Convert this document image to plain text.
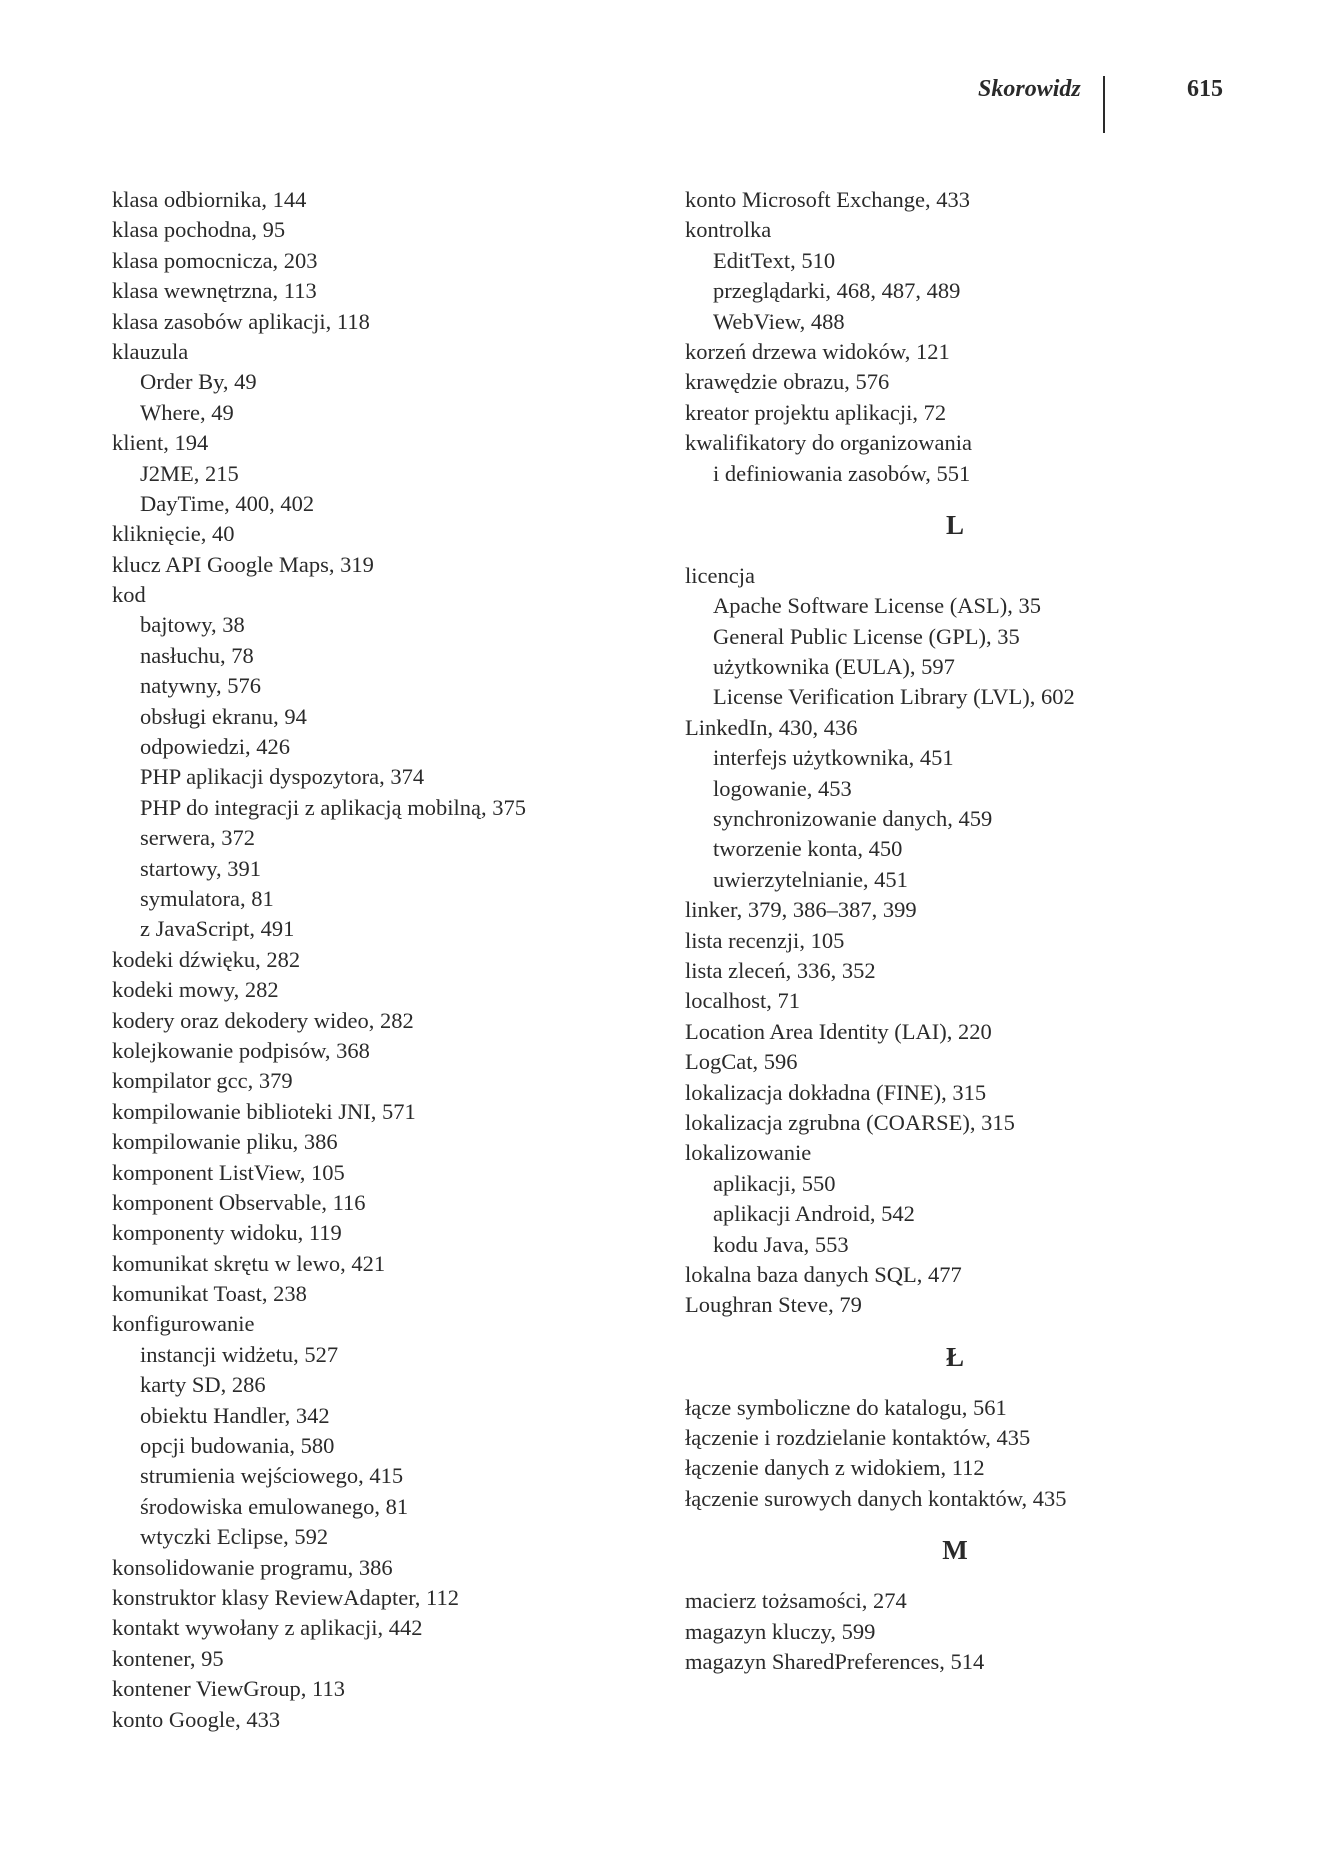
Skorowidz	615
klasa odbiornika, 144
klasa pochodna, 95
klasa pomocnicza, 203
klasa wewnętrzna, 113
klasa zasobów aplikacji, 118
klauzula
Order By, 49
Where, 49
klient, 194
J2ME, 215
DayTime, 400, 402
kliknięcie, 40
klucz API Google Maps, 319
kod
bajtowy, 38
nasłuchu, 78
natywny, 576
obsługi ekranu, 94
odpowiedzi, 426
PHP aplikacji dyspozytora, 374
PHP do integracji z aplikacją mobilną, 375
serwera, 372
startowy, 391
symulatora, 81
z JavaScript, 491
kodeki dźwięku, 282
kodeki mowy, 282
kodery oraz dekodery wideo, 282
kolejkowanie podpisów, 368
kompilator gcc, 379
kompilowanie biblioteki JNI, 571
kompilowanie pliku, 386
komponent ListView, 105
komponent Observable, 116
komponenty widoku, 119
komunikat skrętu w lewo, 421
komunikat Toast, 238
konfigurowanie
instancji widżetu, 527
karty SD, 286
obiektu Handler, 342
opcji budowania, 580
strumienia wejściowego, 415
środowiska emulowanego, 81
wtyczki Eclipse, 592
konsolidowanie programu, 386
konstruktor klasy ReviewAdapter, 112
kontakt wywołany z aplikacji, 442
kontener, 95
kontener ViewGroup, 113
konto Google, 433
konto Microsoft Exchange, 433
kontrolka
EditText, 510
przeglądarki, 468, 487, 489
WebView, 488
korzeń drzewa widoków, 121
krawędzie obrazu, 576
kreator projektu aplikacji, 72
kwalifikatory do organizowania
i definiowania zasobów, 551
L
licencja
Apache Software License (ASL), 35
General Public License (GPL), 35
użytkownika (EULA), 597
License Verification Library (LVL), 602
LinkedIn, 430, 436
interfejs użytkownika, 451
logowanie, 453
synchronizowanie danych, 459
tworzenie konta, 450
uwierzytelnianie, 451
linker, 379, 386–387, 399
lista recenzji, 105
lista zleceń, 336, 352
localhost, 71
Location Area Identity (LAI), 220
LogCat, 596
lokalizacja dokładna (FINE), 315
lokalizacja zgrubna (COARSE), 315
lokalizowanie
aplikacji, 550
aplikacji Android, 542
kodu Java, 553
lokalna baza danych SQL, 477
Loughran Steve, 79
Ł
łącze symboliczne do katalogu, 561
łączenie i rozdzielanie kontaktów, 435
łączenie danych z widokiem, 112
łączenie surowych danych kontaktów, 435
M
macierz tożsamości, 274
magazyn kluczy, 599
magazyn SharedPreferences, 514
